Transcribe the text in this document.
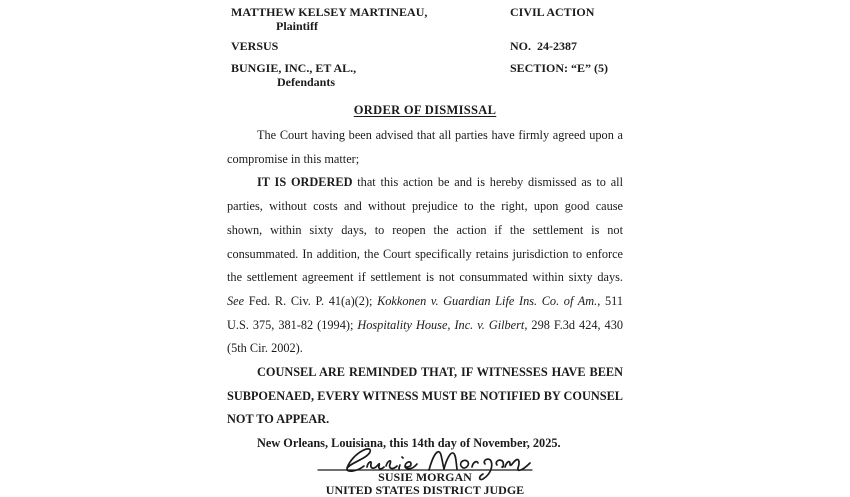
MATTHEW KELSEY MARTINEAU,
Plaintiff
VERSUS
BUNGIE, INC., ET AL.,
Defendants
CIVIL ACTION
NO.  24-2387
SECTION: “E” (5)
ORDER OF DISMISSAL

The Court having been advised that all parties have firmly agreed upon a compromise in this matter;

IT IS ORDERED that this action be and is hereby dismissed as to all parties, without costs and without prejudice to the right, upon good cause shown, within sixty days, to reopen the action if the settlement is not consummated. In addition, the Court specifically retains jurisdiction to enforce the settlement agreement if settlement is not consummated within sixty days. See Fed. R. Civ. P. 41(a)(2); Kokkonen v. Guardian Life Ins. Co. of Am., 511 U.S. 375, 381-82 (1994); Hospitality House, Inc. v. Gilbert, 298 F.3d 424, 430 (5th Cir. 2002).

COUNSEL ARE REMINDED THAT, IF WITNESSES HAVE BEEN SUBPOENAED, EVERY WITNESS MUST BE NOTIFIED BY COUNSEL NOT TO APPEAR.

New Orleans, Louisiana, this 14th day of November, 2025.

SUSIE MORGAN
UNITED STATES DISTRICT JUDGE
